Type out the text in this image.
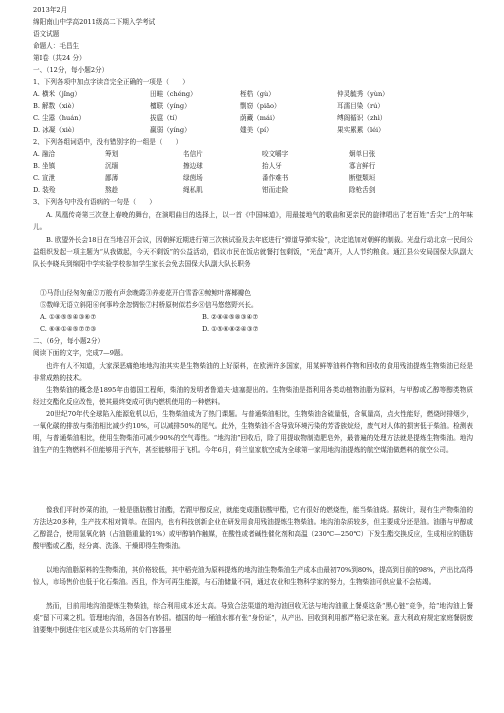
2013年2月
绵阳南山中学高2011级高二下期入学考试
语文试题
命题人：毛昌生
第Ⅰ卷（共24 分）
一、（12分，每小题2分）
1、下列各项中加点字读音完全正确的一项是（　　）
A. 横米（jǐng）	田畦（chéng）	桎梏（gù）	仲灵毓秀（yùn）
B. 解数（xiè）	檀联（yíng）	剽窃（piāo）	耳濡目染（rú）
C. 尘嚣（huán）	拔扈（tí）	荫藏（mái）	缚阁循识（zhì）
D. 冰凝（xiè）	赢弱（yíng）	媸美（pí）	果实累累（léi）
2、下列各组词语中，没有错别字的一组是（　　）
A. 融洽	筹划	名信片	咬文嚼字	炯单日张
B. 坐镇	沉缅	擦边球	抬人牙	寡言鲜行
C. 宣泄	鄙薄	绿茵场	番作难书	断壁颓垣
D. 装殓	熬趁	绳私肌	钳而走险	除枪舌剑
3、下列各句中没有语病的一句是（　　）
A. 凤凰传奇第三次登上春晚的舞台，在演唱曲目的选择上，以一首《中国味道》，用最接地气的歌曲和更亲民的旋律唱出了老百姓“舌尖”上的年味儿。
B. 欧盟外长会18日在当地召开会议，因朝鲜近期进行第三次核试验及去年底进行“弹道导弹实验”，决定追加对朝鲜的制裁。光盘行动北京一民间公益组织发起一项主题为“从我做起，今天不剩饭”的公益活动，倡议市民在饭店就餐打包剩饭，“光盘”离开，人人节约粮食。通江县公安局国保大队副大队长李晓兵到绵阳中学实验学校参加学生家长会免去国保大队副大队长职务
①马背山径匆匆童②万般有声余晚霞③养麦花开白雪香④鲸鲸叶落椰瓣色
⑤数峰无语立斜阳⑥何事吟余忽惆怅⑦村桥原树似若乡⑧信马悠悠野兴长。
A. ①⑧⑤⑤④③⑥⑦	B. ②⑧④⑤⑧③④⑦
C. ⑥⑧①④⑤⑦⑦③	D. ①⑤⑥⑧②④③⑦
二、（6分，每小题2分）
阅读下面的文字，完成7—9题。
也许有人不知道，大家深恶痛绝地地沟油其实是生物柴油的上好原料，在欧洲许多国家，用某鲜等油料作物和回收的食用残油提炼生物柴油已经是非常成熟的技术。
生物柴油的概念是1895年由德国工程师，柴油的发明者鲁道夫·迪塞提出的。生物柴油是指利用各类动植物油脂为原料，与甲醇或乙醇等醇类物质经过交酯化反应改性，使其最终变成可供内燃机使用的一种燃料。
20世纪70年代全球陷入能源危机以后，生物柴油成为了热门课题。与普通柴油相比，生物柴油含硫量低，含氧量高，点火性能好，燃烧时排烟少，一氧化碳的排放与柴油相比减少约10%，可以减排50%的尾气。此外，生物柴油不含导致环境污染的芳香族烷烃，废气对人体的损害低于柴油。检测表明，与普通柴油相比，使用生物柴油可减少90%的空气毒性。“地沟油”回收后，除了用提取物制造肥皂外，最普遍的处理方法就是提炼生物柴油。地沟油生产的生物燃料不但能够用于汽车，甚至能够用于飞机。今年6月，荷兰皇家航空成为全球第一家用地沟油提炼的航空煤油做燃料的航空公司。
像我们平时炒菜的油，一般是脂肪酸甘油酯，若跟甲醇反应，就能变成脂肪酸甲酯，它有很好的燃烧性，能当柴油烧。据统计，现有生产物柴油的方法达20多种，生产技术相对简单。在国内，也有科技创新企业在研发用食用残油提炼生物柴油。地沟油杂质较多，但主要成分还是油。油脂与甲醇或乙醇混合，使用氢氧化钠（占油脂重量的1%）或甲醇钠作触媒，在酸性或者碱性催化剂和高温（230℃—250℃）下发生酯交换反应，生成相应的脂肪酸甲酯或乙酯，经分离、洗涤、干燥即得生物柴油。
以地沟油脂原料的生物柴油，其价格较低，其中稻壳油为原料提炼的地沟油生物柴油生产成本由最初70%到80%，提高到目前的98%，产出比高得惊人，市场售价也低于化石柴油。西且，作为可再生能源，与石油储量不同，通过农业和生物科学家的努力，生物柴油可供应量不会枯竭。
然而，目前用地沟油提炼生物柴油，综合利用成本还太高。导致合法渠道的地沟油回收无法与地沟油重上餐桌这条“黑心链”竞争，给“地沟油上餐桌”留下可乘之机。管理地沟油，各国各有妙招。德国的每一桶油水都有张“身份证”，从产出、回收到利用都严格记录在案。意大利政府规定家庭餐厨废油要集中倒进住宅区或是公共场所的专门容器里
